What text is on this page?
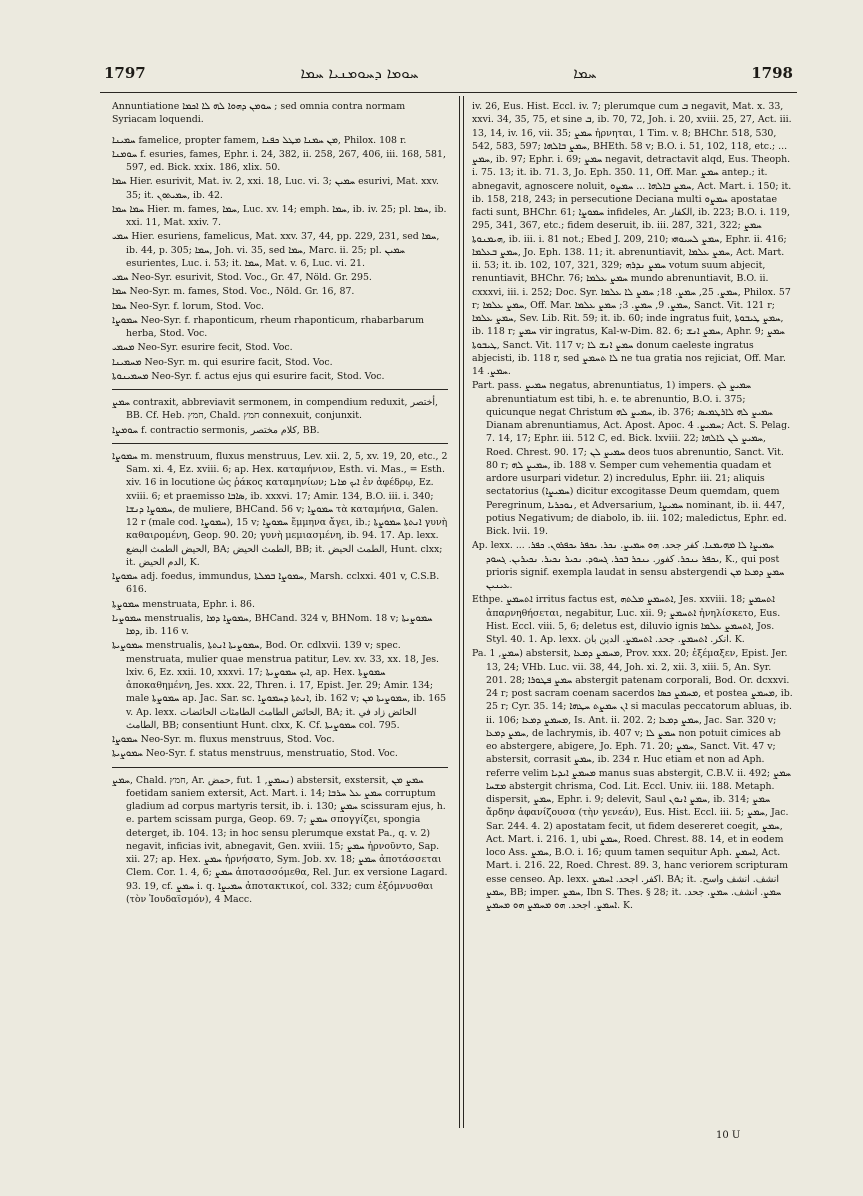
1797	ܚܘܡܐ ܕܚܘܡܢܝܐ ܚܡܐ	ܚܡܐ	1798

Annuntiatione ܚܘܡܢ ܕܗܘܐ ܠܗ ܠܐ ܐܟܡܐ ; sed omnia contra normam Syriacam loquendi.

ܚܡܝܢܐ famelice, propter famem, ܡܢ ܚܡܢܐ ܡܛܠ ܟܦܢܐ, Philox. 108 r.

ܚܘܡܢܐ f. esuries, fames, Ephr. i. 24, 382, ii. 258, 267, 406, iii. 168, 581, 597, ed. Bick. xxix. 186, xlix. 50.

ܚܡܐ Hier. esurivit, Mat. iv. 2, xxi. 18, Luc. vi. 3; ܚܡܝܢ esurivi, Mat. xxv. 35; it. ܚܡܝܬܘܢ, ib. 42.

ܚܡܐ ܚܡܐ Hier. m. fames, ܚܡܐ, Luc. xv. 14; emph. ܚܡܐ, ib. iv. 25; pl. ܚܡܐ, ib. xxi. 11, Mat. xxiv. 7.

ܚܡܝ Hier. esuriens, famelicus, Mat. xxv. 37, 44, pp. 229, 231, sed ܚܡܐ, ib. 44, p. 305; ܚܡܐ, Joh. vi. 35, sed ܚܡܐ, Marc. ii. 25; pl. ܚܡܝܢ esurientes, Luc. i. 53; it. ܚܡܐ, Mat. v. 6, Luc. vi. 21.

ܚܡܝ Neo-Syr. esurivit, Stod. Voc., Gr. 47, Nöld. Gr. 295.

ܚܡܐ Neo-Syr. m. fames, Stod. Voc., Nöld. Gr. 16, 87.

ܚܡܐ Neo-Syr. f. lorum, Stod. Voc.

ܚܡܘܨܐ Neo-Syr. f. rhaponticum, rheum rhaponticum, rhabarbarum herba, Stod. Voc.

ܡܚܡܝ Neo-Syr. esurire fecit, Stod. Voc.

ܡܚܡܝܢܐ Neo-Syr. m. qui esurire facit, Stod. Voc.

ܡܚܡܝܢܘܬܐ Neo-Syr. f. actus ejus qui esurire facit, Stod. Voc.

ܚܡܨ contraxit, abbreviavit sermonem, in compendium reduxit, أختصر, BB. Cf. Heb. חמץ, Chald. חמץ connexuit, conjunxit.

ܚܘܡܨܐ f. contractio sermonis, كلام مختصر, BB.

ܚܡܘܨܐ m. menstruum, fluxus menstruus, Lev. xii. 2, 5, xv. 19, 20, etc., 2 Sam. xi. 4, Ez. xviii. 6; ap. Hex. καταμήνιον, Esth. vi. Mas., = Esth. xiv. 16 in locutione ὡς ῥάκος καταμηνίων; ܐܝܟ ܡܐܢܐ ἐν ἀφέδρῳ, Ez. xviii. 6; et praemisso ܣܐܒܐ, ib. xxxvi. 17; Amir. 134, B.O. iii. i. 340; ܚܡܘܨܐ ܕܢܫܐ, de muliere, BHCand. 56 v; ܚܡܘܨܐ τὰ καταμήνια, Galen. 12 r (male cod. ܚܡܘܨܐ), 15 v; ܚܡܘܨܐ ἔμμηνα ἄγει, ib.; ܐܢܬܬܐ ܚܡܘܨܬܐ γυνὴ καθαιρομένη, Geop. 90. 20; γυνὴ μεμιασμένη, ib. 94. 17. Ap. lexx. الحيض الطمث البضع, BA; الطمث الحيض, BB; it. الطمث الحيض, Hunt. clxx; it. الدم الحيض, K.

ܚܡܘܨܐ adj. foedus, immundus, ܚܡܘܨܐ ܒܡܠܬܐ, Marsh. cclxxi. 401 v, C.S.B. 616.

ܚܡܘܨܬܐ menstruata, Ephr. i. 86.

ܚܡܘܨܝܐ menstrualis, ܚܡܘܨܐ ܕܡܐ, BHCand. 324 v, BHNom. 18 v; ܚܡܘܨܝܬܐ ܕܡܐ, ib. 116 v.

ܚܡܘܨܝܬܐ menstrualis, ܚܡܘܨܝܬܐ ܐܢܬܬܐ, Bod. Or. cdlxvii. 139 v; spec. menstruata, mulier quae menstrua patitur, Lev. xv. 33, xx. 18, Jes. lxiv. 6, Ez. xxii. 10, xxxvi. 17; ܐܝܟ ܚܡܘܨܝܬܐ, ap. Hex. ܚܡܘܨܬܐ ἀποκαθημένη, Jes. xxx. 22, Thren. i. 17, Epist. Jer. 29; Amir. 134; male ܚܡܘܨܬܐ ap. Jac. Sar. sc. ܐܢܬܬܐ ܕܚܡܘܨܐ, ib. 162 v; ܚܡܘܨܝܬܐ ܡܢ, ib. 165 v. Ap. lexx. الحائض الطامث الطامثات الحائضات, BA; it. الحائض زاد في الطامث, BB; consentiunt Hunt. clxx, K. Cf. ܚܡܘܨܝܬܐ col. 795.

ܚܡܘܨܐ Neo-Syr. m. fluxus menstruus, Stod. Voc.

ܚܡܘܨܝܬܐ Neo-Syr. f. status menstruus, menstruatio, Stod. Voc.

ܚܡܨ, Chald. חמץ, Ar. حمض, fut. ܢܚܡܨ, 1) abstersit, exstersit, ܚܡܨ ܡܢ foetidam saniem extersit, Act. Mart. i. 14; ܚܡܨ ܥܠ ܚܪܒܐ corruptum gladium ad corpus martyris tersit, ib. i. 130; ܚܡܨ scissuram ejus, h. e. partem scissam purga, Geop. 69. 7; ܚܡܨ σπογγίζει, spongia deterget, ib. 104. 13; in hoc sensu plerumque exstat Pa., q. v. 2) negavit, inficias ivit, abnegavit, Gen. xviii. 15; ܚܡܨ ἠρνοῦντο, Sap. xii. 27; ap. Hex. ܚܡܨ ἠρνήσατο, Sym. Job. xv. 18; ܚܡܨ ἀποτάσσεται Clem. Cor. 1. 4, 6; ܚܡܨ ἀποτασσόμεθα, Rel. Jur. ex versione Lagard. 93. 19, cf. ܚܡܨ i. q. ܚܡܝܨܐ ἀποτακτικοί, col. 332; cum ἐξόμνυσθαι (τὸν Ἰουδαϊσμόν), 4 Macc.

iv. 26, Eus. Hist. Eccl. iv. 7; plerumque cum ܒ negavit, Mat. x. 33, xxvi. 34, 35, 75, et sine ܒ, ib. 70, 72, Joh. i. 20, xviii. 25, 27, Act. iii. 13, 14, iv. 16, vii. 35; ܚܡܨ ἠρνηται, 1 Tim. v. 8; BHChr. 518, 530, 542, 583, 597; ܚܡܨ ܒܐܠܗܐ, BHEth. 58 v; B.O. i. 51, 102, 118, etc.; ... ܚܡܨ, ib. 97; Ephr. i. 69; ܚܡܨ negavit, detractavit alqd, Eus. Theoph. i. 75. 13; it. ib. 71. 3, Jo. Eph. 350. 11, Off. Mar. ܚܡܨ antep.; it. abnegavit, agnoscere noluit, ܚܡܨ ܒܐܠܗܐ ... ܚܡܨܘ, Act. Mart. i. 150; it. ib. 158, 218, 243; in persecutione Deciana multi ܚܡܨܘ apostatae facti sunt, BHChr. 61; ܚܡܘܨܐ infideles, Ar. الكفار, ib. 223; B.O. i. 119, 295, 341, 367, etc.; fidem deseruit, ib. iii. 287, 321, 322; ܚܡܨ ܗܝܡܢܘܬܐ, ib. iii. i. 81 not.; Ebed J. 209, 210; ܚܡܨ ܠܚܝܘܗܝ, Ephr. ii. 416; ܚܡܨ ܒܥܠܡܐ, Jo. Eph. 138. 11; it. abrenuntiavit, ܚܡܨ ܥܠܡܐ, Act. Mart. ii. 53; it. ib. 102, 107, 321, 329; ܚܡܨ ܢܕܪܗ votum suum abjecit, renuntiavit, BHChr. 76; ܚܡܨ ܥܠܡܐ mundo abrenuntiavit, B.O. ii. cxxxvi, iii. i. 252; Doc. Syr. ܚܡܨ. 25, ܚܡܨ. 18; ܚܡܨ ܠܐ ܥܠܡܐ, Philox. 57 r; ܚܡܨ ܥܠܡܐ, Off. Mar. ܚܡܨ. 9, ܚܡܨ. 3; ܚܡܨ ܥܠܡܐ, Sanct. Vit. 121 r; ܚܡܨ ܥܠܡܐ, Sev. Lib. Rit. 59; it. ib. 60; inde ingratus fuit, ܚܡܨ ܛܝܒܘܬܐ, ib. 118 r; ܚܡܨ vir ingratus, Kal-w-Dim. 82. 6; ܚܡܨ ܐܢܫ, Aphr. 9; ܚܡܨ ܛܝܒܘܬܐ, Sanct. Vit. 117 v; ܚܡܨ ܐܢܫ ܠܐ donum caeleste ingratus abjecisti, ib. 118 r, sed ܠܐ ܬܚܡܨ ne tua gratia nos rejiciat, Off. Mar. ܚܡܨ. 14.

Part. pass. ܚܡܝܨ negatus, abrenuntiatus, 1) impers. ܚܡܝܨ ܠܟ abrenuntiatum est tibi, h. e. te abrenuntio, B.O. i. 375; quicunque negat Christum ܚܡܝܨ ܠܗ, ib. 376; ܚܡܝܨ ܠܗ ܠܐܪܛܡܝܣ Dianam abrenuntiamus, Act. Apost. Apoc. ܚܡܝܨ. 4; Act. S. Pelag. 7. 14, 17; Ephr. iii. 512 C, ed. Bick. lxviii. 22; ܚܡܝܨ ܠܢ ܠܐܠܗܐ, Roed. Chrest. 90. 17; ܚܡܝܨ ܠܢ deos tuos abrenuntio, Sanct. Vit. 80 r; ܚܡܝܨ ܠܗ, ib. 188 v. Semper cum vehementia quadam et ardore usurpari videtur. 2) incredulus, Ephr. iii. 21; aliquis sectatorius (ܚܡܝܨܐ) dicitur excogitasse Deum quemdam, quem Peregrinum, ܢܘܟܪܝܐ, et Adversarium, ܚܡܝܨܐ nominant, ib. ii. 447, potius Negativum; de diabolo, ib. iii. 102; maledictus, Ephr. ed. Bick. lvii. 19.

Ap. lexx. ... ܚܡܝܨܐ ܠܐ ܡܗܝܡܢܐ. كفر جحد. ܗܘ ܚܡܝܨ. ܢܟܪ. ܝܟܦܪ ܝܟܦܪܘܢ. ܟܦܪ. ܝܟܦܪ ܝܢܟܪ. كفور. ܝܢܟܪ ܒܟܪ. ܓܚܘܕ. ܢܟܝܪ ܢܟܝܪ. ܢܟܝܪܝܢ. ܓܚܘܕ, K., qui post prioris signif. exempla laudat in sensu abstergendi ܚܡܨ ܕܡܥܐ ܡܢ ܥܝܢܝܢ.

Ethpe. ܐܬܚܡܨ irritus factus est, ܐܬܚܡܨ ܡܠܬܗ, Jes. xxviii. 18; ܐܬܚܡܨ ἀπαρνηθήσεται, negabitur, Luc. xii. 9; ܐܬܚܡܨ ἠνηλίσκετο, Eus. Hist. Eccl. viii. 5, 6; deletus est, diluvio ignis ܐܬܚܡܨ ܥܠܡܐ, Jos. Styl. 40. 1. Ap. lexx. انكر. ܐܬܚܡܨ. جحد. ܐܬܚܡܨ. الدين بان. K.

Pa. ܚܡܨ, 1) abstersit, ܡܚܡܨ ܕܡܥܐ, Prov. xxx. 20; ἐξέμαξεν, Epist. Jer. 13, 24; VHb. Luc. vii. 38, 44, Joh. xi. 2, xii. 3, xiii. 5, An. Syr. 201. 28; ܚܡܨ ܦܛܘܪܐ abstergit patenam corporali, Bod. Or. dcxxvi. 24 r; post sacram coenam sacerdos ܡܚܡܨ ܟܣܐ, et postea ܡܚܡܨ, ib. 25 r; Cyr. 35. 14; ܐܢ ܚܡܨܬ ܚܛܗܐ si maculas peccatorum abluas, ib. ii. 106; ܡܚܡܨ ܕܡܥܐ, Is. Ant. ii. 202. 2; ܚܡܨ ܕܡܥܐ, Jac. Sar. 320 v; ܚܡܨ ܕܡܥܐ, de lachrymis, ib. 407 v; ܚܡܨ ܠܐ non potuit cimices ab eo abstergere, abigere, Jo. Eph. 71. 20; ܚܡܨ, Sanct. Vit. 47 v; abstersit, corrasit ܚܡܨ, ib. 234 r. Huc etiam et non ad Aph. referre velim ܡܚܡܨ ܐܝܕܝܐ manus suas abstergit, C.B.V. ii. 492; ܚܡܨ ܡܫܚܐ abstergit chrisma, Cod. Lit. Eccl. Univ. iii. 188. Metaph. dispersit, ܚܡܨ, Ephr. i. 9; delevit, Saul ܚܡܨ ܐܢܘܢ, ib. 314; ܚܡܨ ἄρδην ἀφανίζουσα (τὴν γενεάν), Eus. Hist. Eccl. iii. 5; ܚܡܨ, Jac. Sar. 244. 4. 2) apostatam fecit, ut fidem desereret coegit, ܚܡܨ, Act. Mart. i. 216. 1, ubi ܚܡܨ, Roed. Chrest. 88. 14, et in eodem loco Ass. ܚܡܨ, B.O. i. 16; quum tamen sequitur Aph. ܐܚܡܨ, Act. Mart. i. 216. 22, Roed. Chrest. 89. 3, hanc veriorem scripturam esse censeo. Ap. lexx. اكفر. اجحد. ܐܚܡܨ. BA; it. انشف. انشف واسح. ܚܡܨ, BB; imper. ܚܡܨ, Ibn S. Thes. § 28; it. ܚܡܨ. انشف. ܚܡܨ. جحد. ܐܚܡܨ. اجحد. ܗܘ ܡܚܡܨ ܗܘ ܡܚܡܨ. K.

10 U
